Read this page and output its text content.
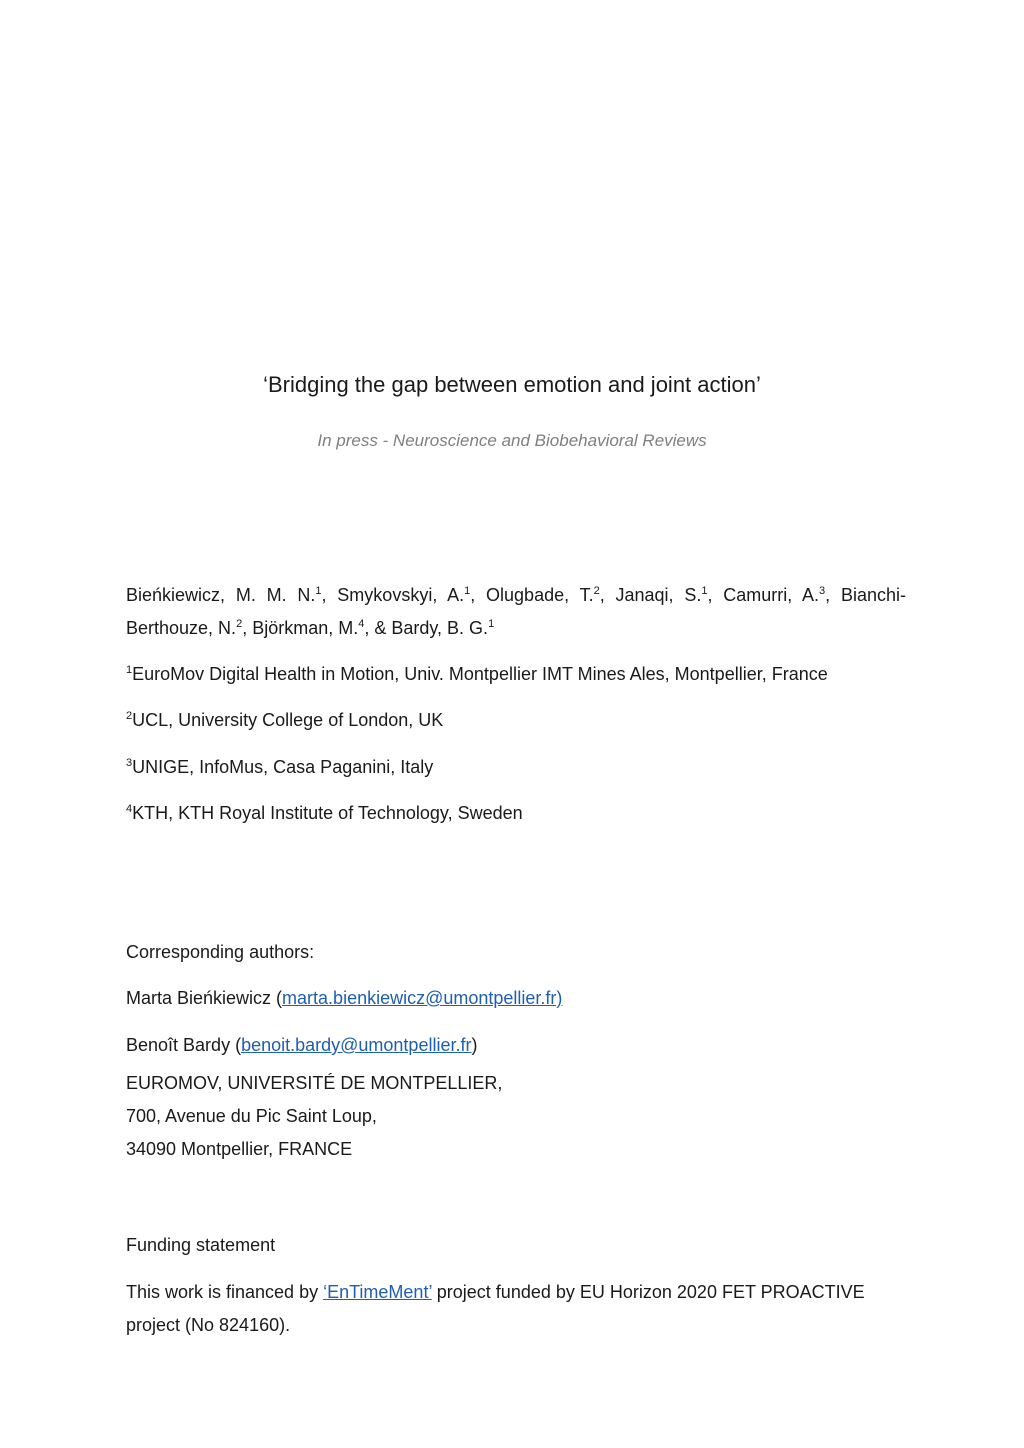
‘Bridging the gap between emotion and joint action’
In press - Neuroscience and Biobehavioral Reviews
Bieńkiewicz, M. M. N.$^1$, Smykovskyi, A.$^1$, Olugbade, T.$^2$, Janaqi, S.$^1$, Camurri, A.$^3$, Bianchi-Berthouze, N.$^2$, Björkman, M.$^4$, & Bardy, B. G.$^1$
$^1$EuroMov Digital Health in Motion, Univ. Montpellier IMT Mines Ales, Montpellier, France
$^2$UCL, University College of London, UK
$^3$UNIGE, InfoMus, Casa Paganini, Italy
$^4$KTH, KTH Royal Institute of Technology, Sweden
Corresponding authors:
Marta Bieńkiewicz (marta.bienkiewicz@umontpellier.fr)
Benoît Bardy (benoit.bardy@umontpellier.fr)
EUROMOV, UNIVERSITÉ DE MONTPELLIER,
700, Avenue du Pic Saint Loup,
34090 Montpellier, FRANCE
Funding statement
This work is financed by ‘EnTimeMent’ project funded by EU Horizon 2020 FET PROACTIVE project (No 824160).
